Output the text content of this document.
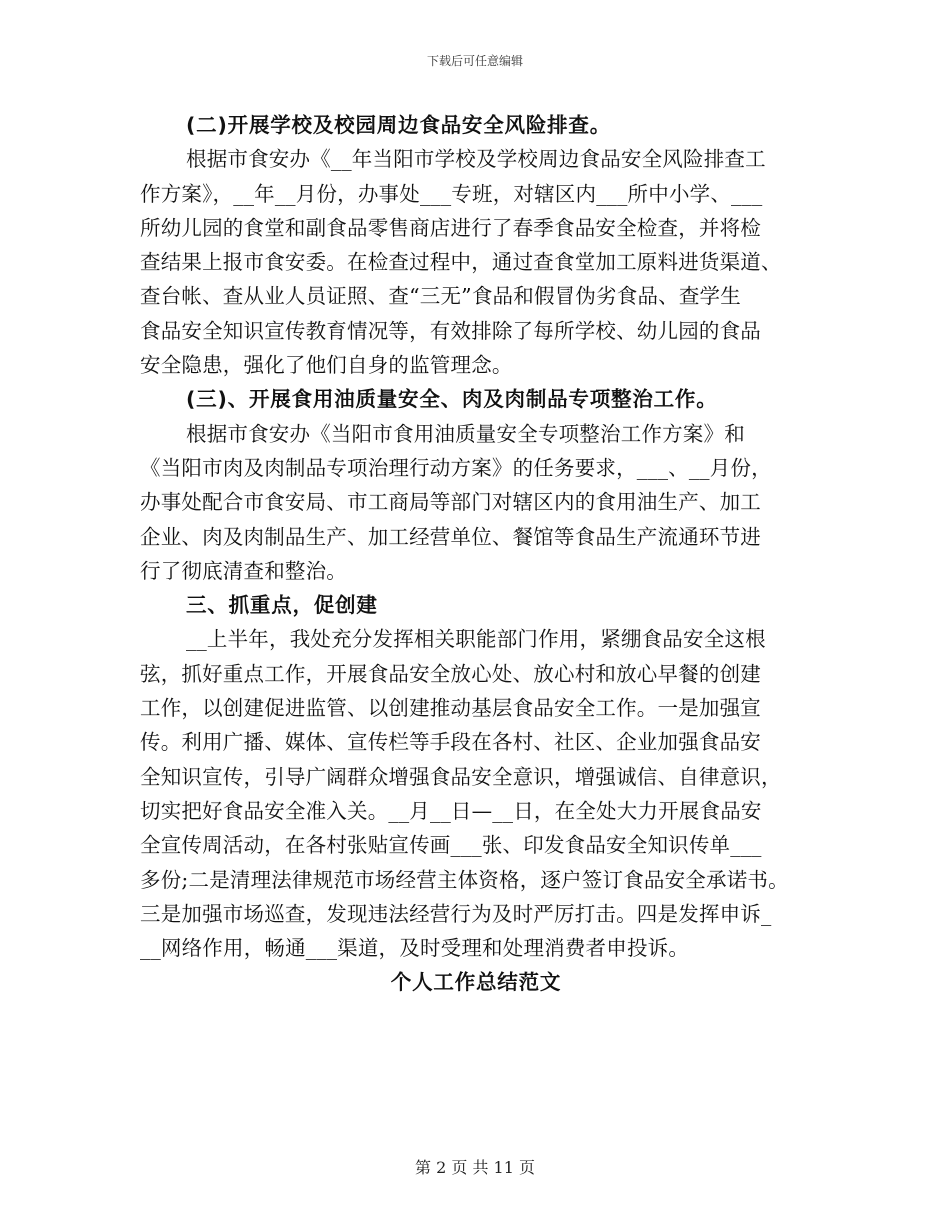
下载后可任意编辑
(二)开展学校及校园周边食品安全风险排查。
根据市食安办《__年当阳市学校及学校周边食品安全风险排查工
作方案》，__年__月份，办事处___专班，对辖区内___所中小学、___
所幼儿园的食堂和副食品零售商店进行了春季食品安全检查，并将检
查结果上报市食安委。在检查过程中，通过查食堂加工原料进货渠道、
查台帐、查从业人员证照、查“三无”食品和假冒伪劣食品、查学生
食品安全知识宣传教育情况等，有效排除了每所学校、幼儿园的食品
安全隐患，强化了他们自身的监管理念。
(三)、开展食用油质量安全、肉及肉制品专项整治工作。
根据市食安办《当阳市食用油质量安全专项整治工作方案》和
《当阳市肉及肉制品专项治理行动方案》的任务要求，___、__月份，
办事处配合市食安局、市工商局等部门对辖区内的食用油生产、加工
企业、肉及肉制品生产、加工经营单位、餐馆等食品生产流通环节进
行了彻底清查和整治。
三、抓重点，促创建
__上半年，我处充分发挥相关职能部门作用，紧绷食品安全这根
弦，抓好重点工作，开展食品安全放心处、放心村和放心早餐的创建
工作，以创建促进监管、以创建推动基层食品安全工作。一是加强宣
传。利用广播、媒体、宣传栏等手段在各村、社区、企业加强食品安
全知识宣传，引导广阔群众增强食品安全意识，增强诚信、自律意识，
切实把好食品安全准入关。__月__日—__日，在全处大力开展食品安
全宣传周活动，在各村张贴宣传画___张、印发食品安全知识传单___
多份;二是清理法律规范市场经营主体资格，逐户签订食品安全承诺书。
三是加强市场巡查，发现违法经营行为及时严厉打击。四是发挥申诉_
__网络作用，畅通___渠道，及时受理和处理消费者申投诉。
个人工作总结范文
第 2 页 共 11 页
